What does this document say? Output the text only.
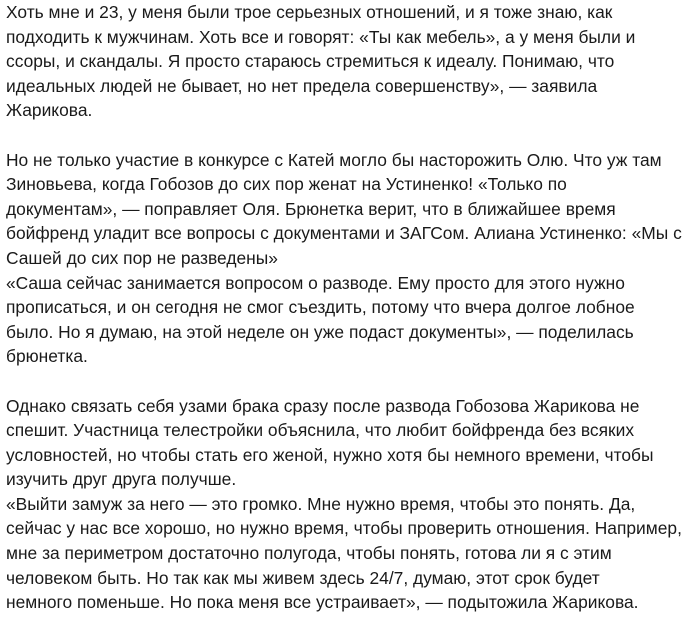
Хоть мне и 23, у меня были трое серьезных отношений, и я тоже знаю, как
подходить к мужчинам. Хоть все и говорят: «Ты как мебель», а у меня были и
ссоры, и скандалы. Я просто стараюсь стремиться к идеалу. Понимаю, что
идеальных людей не бывает, но нет предела совершенству», — заявила
Жарикова.

Но не только участие в конкурсе с Катей могло бы насторожить Олю. Что уж там
Зиновьева, когда Гобозов до сих пор женат на Устиненко! «Только по
документам», — поправляет Оля. Брюнетка верит, что в ближайшее время
бойфренд уладит все вопросы с документами и ЗАГСом. Алиана Устиненко: «Мы с
Сашей до сих пор не разведены»
«Саша сейчас занимается вопросом о разводе. Ему просто для этого нужно
прописаться, и он сегодня не смог съездить, потому что вчера долгое лобное
было. Но я думаю, на этой неделе он уже подаст документы», — поделилась
брюнетка.

Однако связать себя узами брака сразу после развода Гобозова Жарикова не
спешит. Участница телестройки объяснила, что любит бойфренда без всяких
условностей, но чтобы стать его женой, нужно хотя бы немного времени, чтобы
изучить друг друга получше.
«Выйти замуж за него — это громко. Мне нужно время, чтобы это понять. Да,
сейчас у нас все хорошо, но нужно время, чтобы проверить отношения. Например,
мне за периметром достаточно полугода, чтобы понять, готова ли я с этим
человеком быть. Но так как мы живем здесь 24/7, думаю, этот срок будет
немного поменьше. Но пока меня все устраивает», — подытожила Жарикова.
